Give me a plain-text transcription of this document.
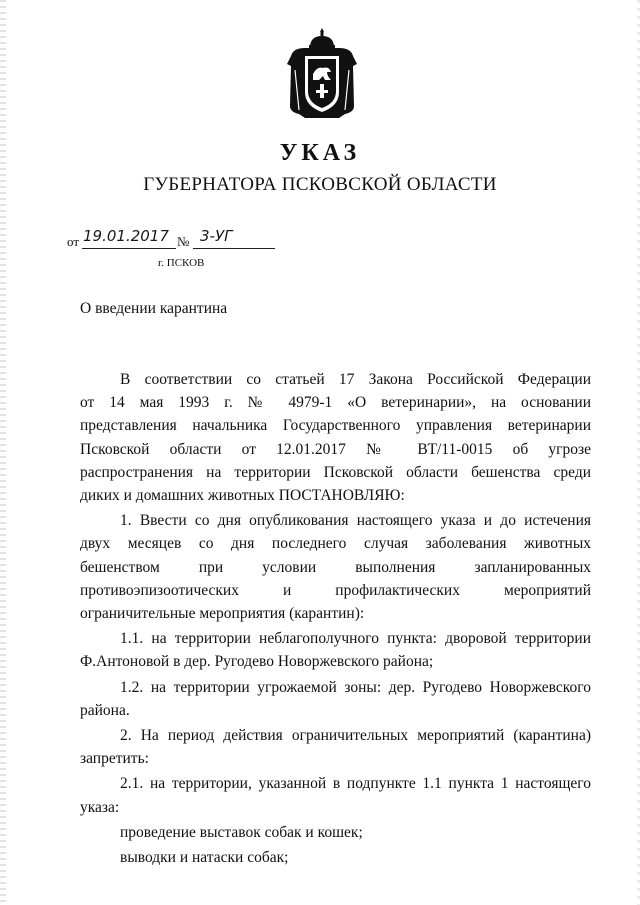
УКАЗ
ГУБЕРНАТОРА ПСКОВСКОЙ ОБЛАСТИ
от 19.01.2017 № 3-УГ
г. ПСКОВ
О введении карантина

В соответствии со статьей 17 Закона Российской Федерации

от 14 мая 1993 г. № 4979-1 «О ветеринарии», на основании

представления начальника Государственного управления ветеринарии

Псковской области от 12.01.2017 № ВТ/11-0015 об угрозе

распространения на территории Псковской области бешенства среди

диких и домашних животных ПОСТАНОВЛЯЮ:

1. Ввести со дня опубликования настоящего указа и до истечения

двух месяцев со дня последнего случая заболевания животных

бешенством при условии выполнения запланированных

противоэпизоотических и профилактических мероприятий

ограничительные мероприятия (карантин):

1.1. на территории неблагополучного пункта: дворовой территории

Ф.Антоновой в дер. Ругодево Новоржевского района;

1.2. на территории угрожаемой зоны: дер. Ругодево Новоржевского

района.

2. На период действия ограничительных мероприятий (карантина)

запретить:

2.1. на территории, указанной в подпункте 1.1 пункта 1 настоящего

указа:

проведение выставок собак и кошек;

выводки и натаски собак;
